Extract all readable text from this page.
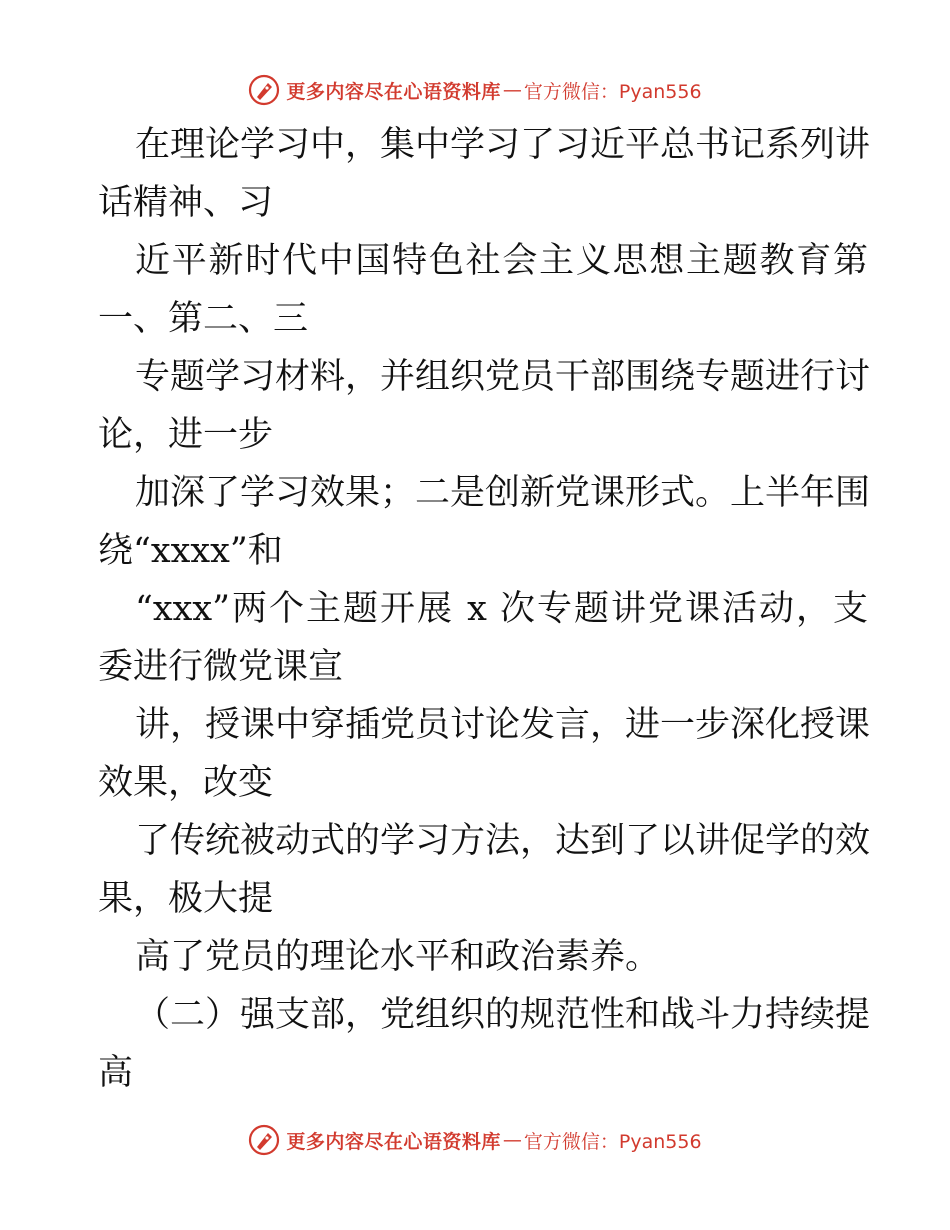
更多内容尽在心语资料库 — 官方微信：Pyan556
在理论学习中，集中学习了习近平总书记系列讲
话精神、习
近平新时代中国特色社会主义思想主题教育第
一、第二、三
专题学习材料，并组织党员干部围绕专题进行讨
论，进一步
加深了学习效果；二是创新党课形式。上半年围
绕“xxxx”和
“xxx”两个主题开展 x 次专题讲党课活动，支
委进行微党课宣
讲，授课中穿插党员讨论发言，进一步深化授课
效果，改变
了传统被动式的学习方法，达到了以讲促学的效
果，极大提
高了党员的理论水平和政治素养。
（二）强支部，党组织的规范性和战斗力持续提
高
更多内容尽在心语资料库 — 官方微信：Pyan556
